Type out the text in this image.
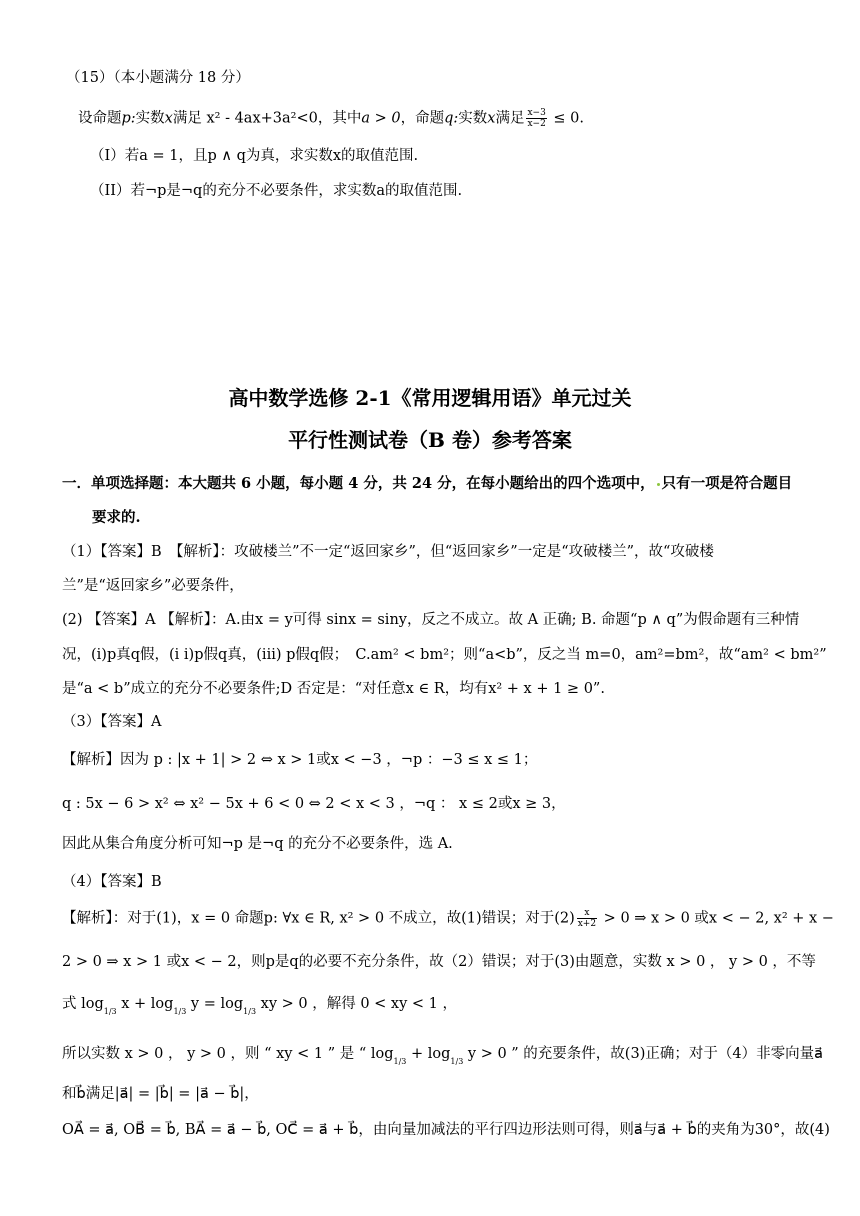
（15）（本小题满分 18 分）
设命题p:实数x满足 x² - 4ax+3a²<0，其中a > 0，命题q:实数x满足 $\frac{x-3}{x-2} \le 0$.
（I）若a = 1，且p ∧ q为真，求实数x的取值范围.
（II）若¬p是¬q的充分不必要条件，求实数a的取值范围.
高中数学选修 2-1《常用逻辑用语》单元过关
平行性测试卷（B 卷）参考答案
一．单项选择题：本大题共 6 小题，每小题 4 分，共 24 分，在每小题给出的四个选项中， 只有一项是符合题目
要求的.
（1）【答案】B　【解析】：攻破楼兰”不一定“返回家乡”，但“返回家乡”一定是“攻破楼兰”，故“攻破楼
兰”是“返回家乡”必要条件，
(2) 【答案】A 【解析】：A.由x = y可得 sinx = siny，反之不成立。故 A 正确; B. 命题“p ∧ q”为假命题有三种情
况，(i)p真q假，(i i)p假q真，(iii) p假q假；　C.am² < bm²；则“a<b”，反之当 m=0，am²=bm²，故“am² < bm²”
是“a < b”成立的充分不必要条件;D 否定是：“对任意x ∈ R，均有x² + x + 1 ≥ 0”.
（3）【答案】A
【解析】因为 p : |x + 1| > 2 ⇔ x > 1或x < −3 ，¬p ：−3 ≤ x ≤ 1；
q : 5x − 6 > x² ⇔ x² − 5x + 6 < 0 ⇔ 2 < x < 3 ，¬q ： x ≤ 2或x ≥ 3，
因此从集合角度分析可知¬p 是¬q 的充分不必要条件，选 A.
（4）【答案】B
【解析】：对于(1)，x = 0 命题p: ∀x ∈ R, x² > 0 不成立，故(1)错误；对于$(2) \frac{x}{x+2} > 0$ ⇒ x > 0 或x < − 2, x² + x −
2 > 0 ⇒ x > 1 或x < − 2，则p是q的必要不充分条件，故（2）错误；对于(3)由题意，实数 x > 0 ， y > 0 ，不等
式 $\log_{1/3} x + \log_{1/3} y = \log_{1/3}$ xy > 0 ，解得 0 < xy < 1 ，
所以实数 x > 0 ， y > 0 ，则 “ xy < 1 ” 是 “ $\log_{1/3} + \log_{1/3} y > 0$ ” 的充要条件，故(3)正确；对于（4）非零向量a⃗
和b⃗满足|a⃗| = |b⃗| = |a⃗ − b⃗|，
OA⃗ = a⃗, OB⃗ = b⃗, BA⃗ = a⃗ − b⃗, OC⃗ = a⃗ + b⃗，由向量加减法的平行四边形法则可得，则a⃗与a⃗ + b⃗的夹角为30°，故(4)
